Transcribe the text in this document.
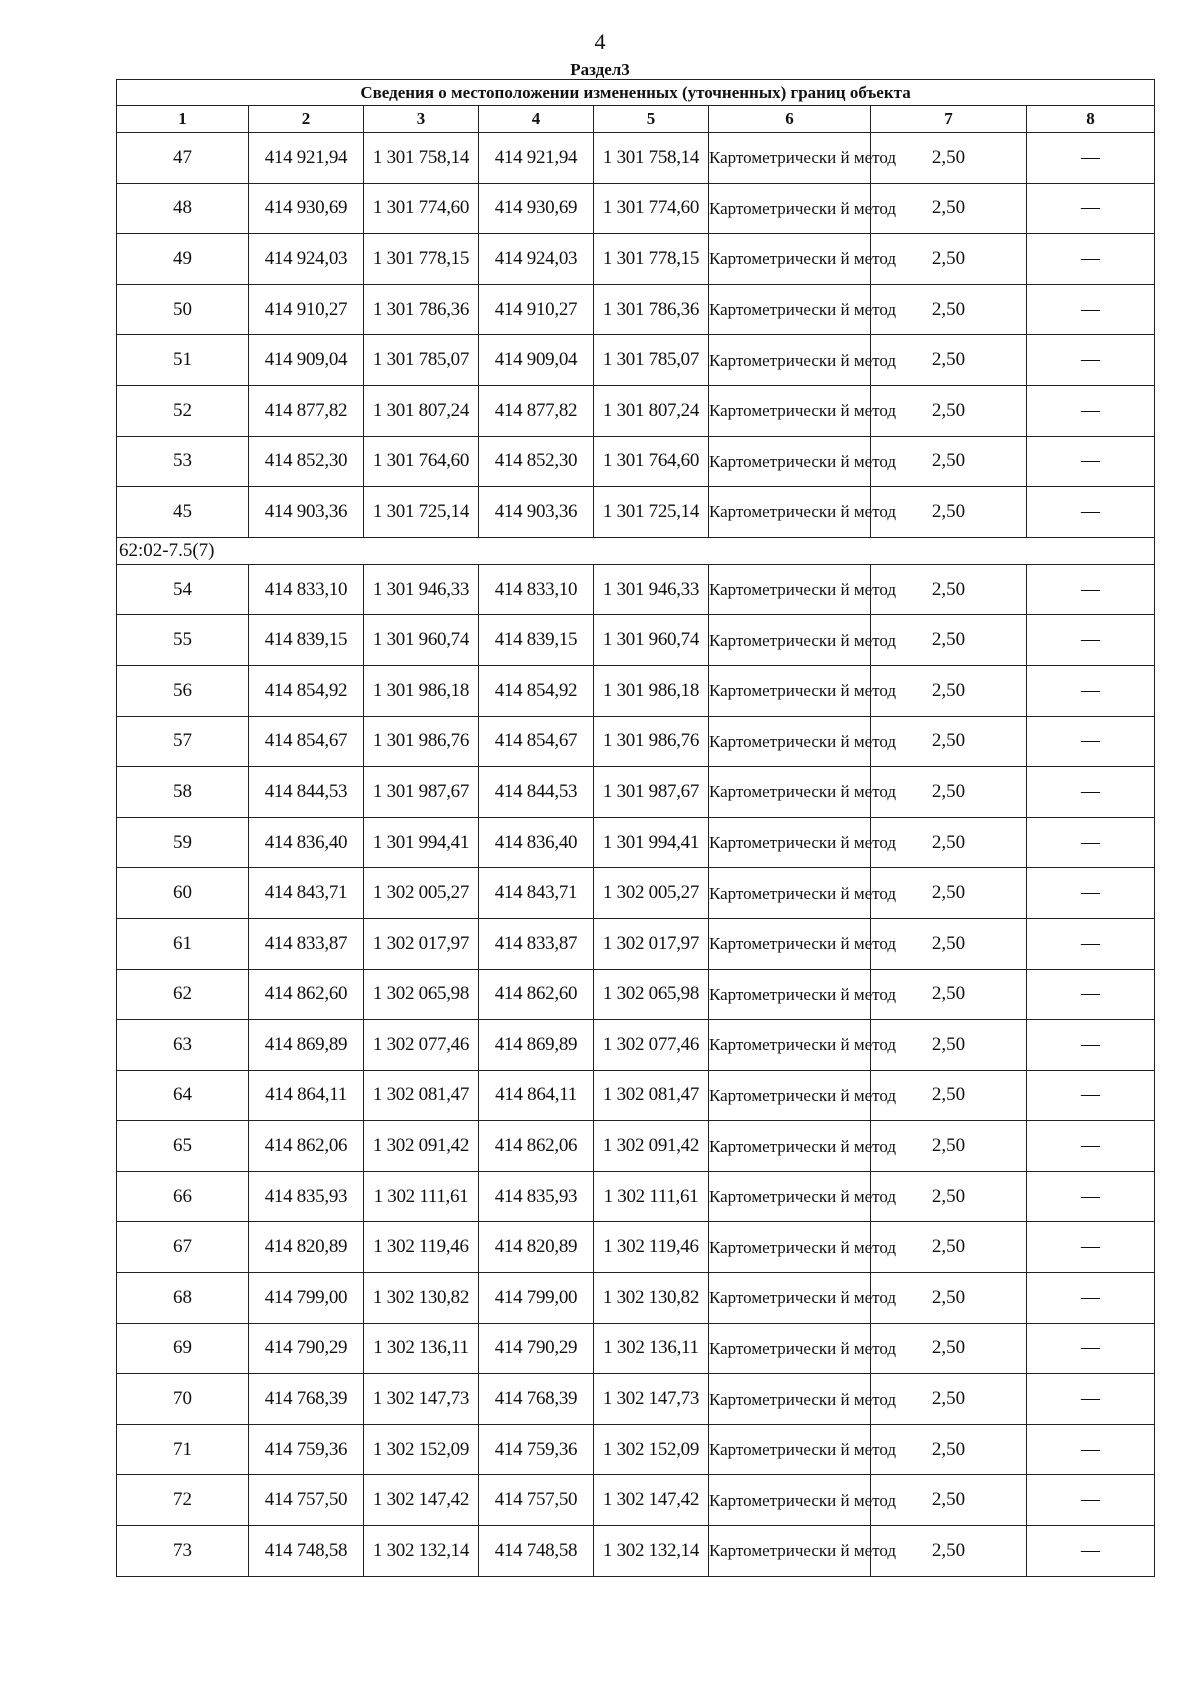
4
Раздел3
Сведения о местоположении измененных (уточненных) границ объекта							
1	2	3	4	5	6	7	8
47	414 921,94	1 301 758,14	414 921,94	1 301 758,14	Картометрически й метод	2,50	—
48	414 930,69	1 301 774,60	414 930,69	1 301 774,60	Картометрически й метод	2,50	—
49	414 924,03	1 301 778,15	414 924,03	1 301 778,15	Картометрически й метод	2,50	—
50	414 910,27	1 301 786,36	414 910,27	1 301 786,36	Картометрически й метод	2,50	—
51	414 909,04	1 301 785,07	414 909,04	1 301 785,07	Картометрически й метод	2,50	—
52	414 877,82	1 301 807,24	414 877,82	1 301 807,24	Картометрически й метод	2,50	—
53	414 852,30	1 301 764,60	414 852,30	1 301 764,60	Картометрически й метод	2,50	—
45	414 903,36	1 301 725,14	414 903,36	1 301 725,14	Картометрически й метод	2,50	—
62:02-7.5(7)							
54	414 833,10	1 301 946,33	414 833,10	1 301 946,33	Картометрически й метод	2,50	—
55	414 839,15	1 301 960,74	414 839,15	1 301 960,74	Картометрически й метод	2,50	—
56	414 854,92	1 301 986,18	414 854,92	1 301 986,18	Картометрически й метод	2,50	—
57	414 854,67	1 301 986,76	414 854,67	1 301 986,76	Картометрически й метод	2,50	—
58	414 844,53	1 301 987,67	414 844,53	1 301 987,67	Картометрически й метод	2,50	—
59	414 836,40	1 301 994,41	414 836,40	1 301 994,41	Картометрически й метод	2,50	—
60	414 843,71	1 302 005,27	414 843,71	1 302 005,27	Картометрически й метод	2,50	—
61	414 833,87	1 302 017,97	414 833,87	1 302 017,97	Картометрически й метод	2,50	—
62	414 862,60	1 302 065,98	414 862,60	1 302 065,98	Картометрически й метод	2,50	—
63	414 869,89	1 302 077,46	414 869,89	1 302 077,46	Картометрически й метод	2,50	—
64	414 864,11	1 302 081,47	414 864,11	1 302 081,47	Картометрически й метод	2,50	—
65	414 862,06	1 302 091,42	414 862,06	1 302 091,42	Картометрически й метод	2,50	—
66	414 835,93	1 302 111,61	414 835,93	1 302 111,61	Картометрически й метод	2,50	—
67	414 820,89	1 302 119,46	414 820,89	1 302 119,46	Картометрически й метод	2,50	—
68	414 799,00	1 302 130,82	414 799,00	1 302 130,82	Картометрически й метод	2,50	—
69	414 790,29	1 302 136,11	414 790,29	1 302 136,11	Картометрически й метод	2,50	—
70	414 768,39	1 302 147,73	414 768,39	1 302 147,73	Картометрически й метод	2,50	—
71	414 759,36	1 302 152,09	414 759,36	1 302 152,09	Картометрически й метод	2,50	—
72	414 757,50	1 302 147,42	414 757,50	1 302 147,42	Картометрически й метод	2,50	—
73	414 748,58	1 302 132,14	414 748,58	1 302 132,14	Картометрически й метод	2,50	—
